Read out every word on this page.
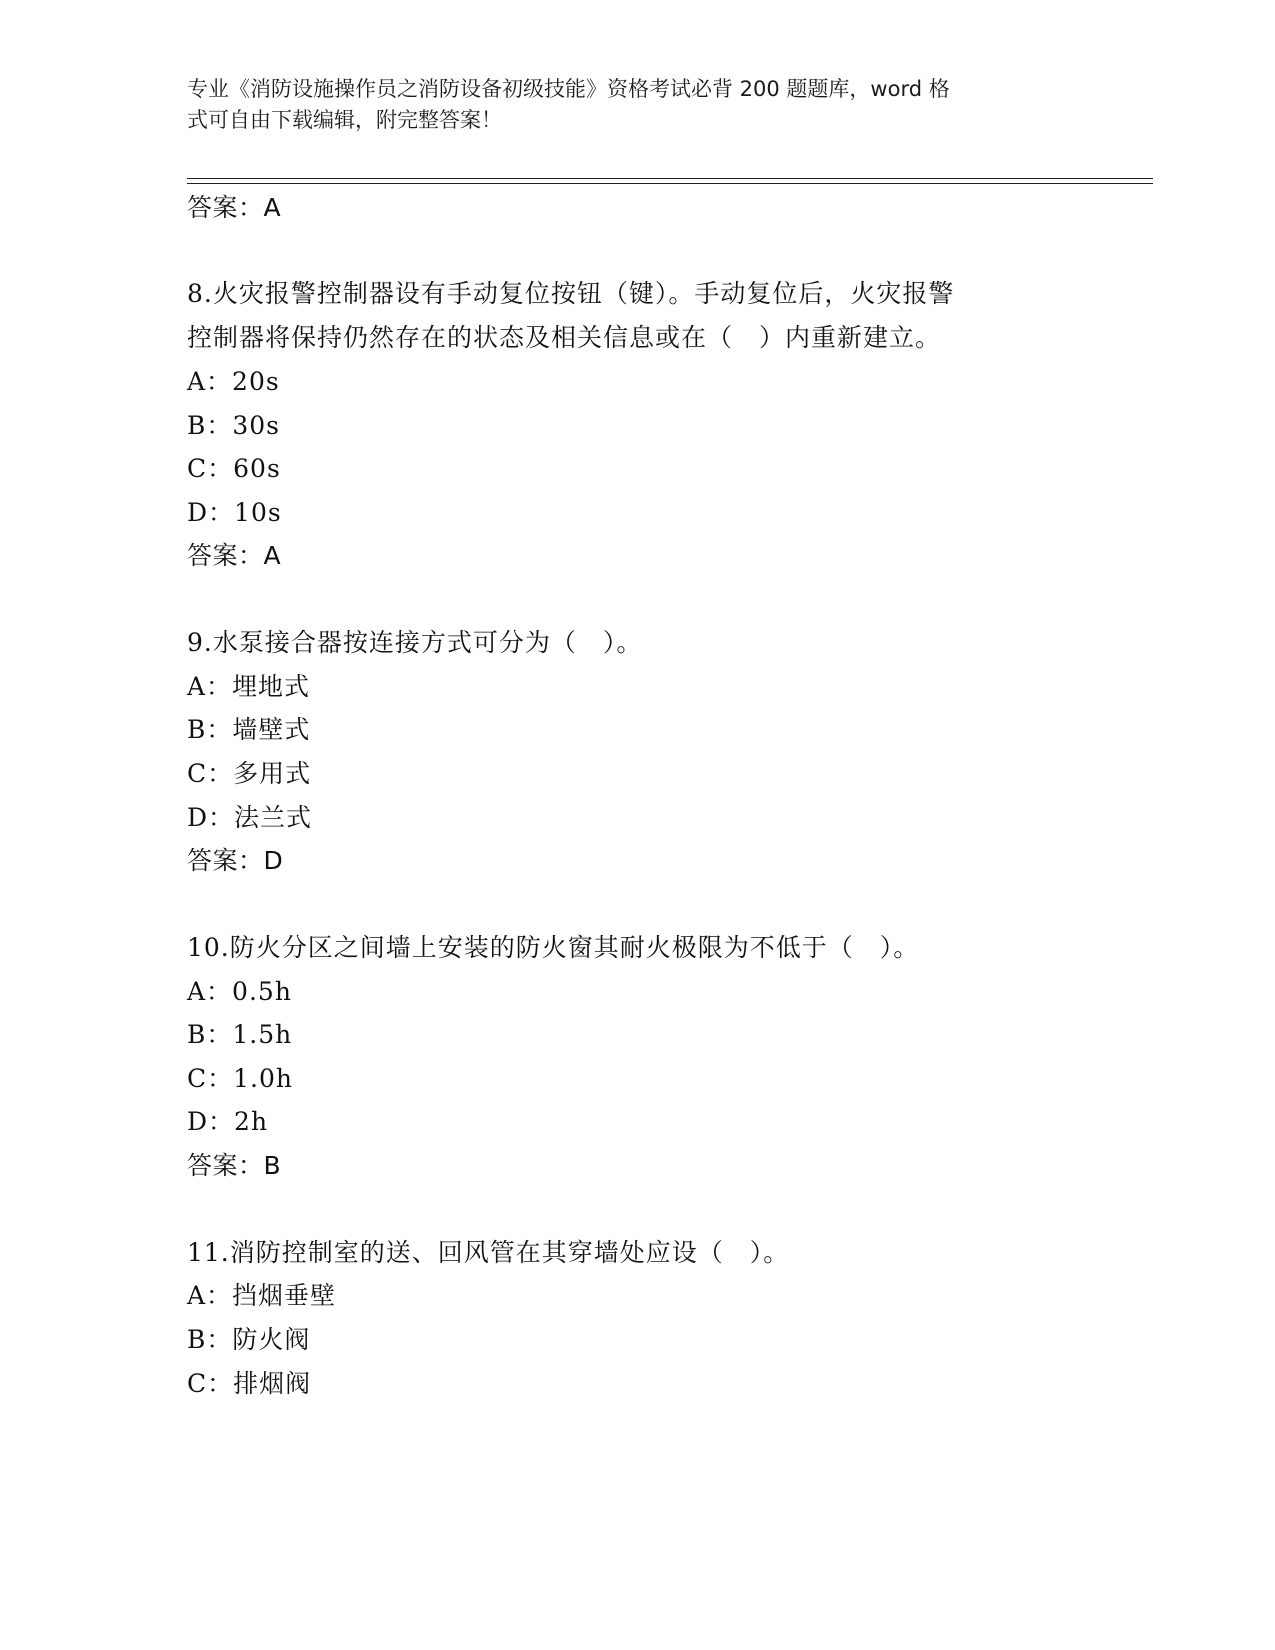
专业《消防设施操作员之消防设备初级技能》资格考试必背 200 题题库，word 格

式可自由下载编辑，附完整答案！

答案：A
8.火灾报警控制器设有手动复位按钮（键）。手动复位后，火灾报警
控制器将保持仍然存在的状态及相关信息或在（　）内重新建立。
A：20s
B：30s
C：60s
D：10s
答案：A
9.水泵接合器按连接方式可分为（　）。
A：埋地式
B：墙壁式
C：多用式
D：法兰式
答案：D
10.防火分区之间墙上安装的防火窗其耐火极限为不低于（　）。
A：0.5h
B：1.5h
C：1.0h
D：2h
答案：B
11.消防控制室的送、回风管在其穿墙处应设（　）。
A：挡烟垂壁
B：防火阀
C：排烟阀
